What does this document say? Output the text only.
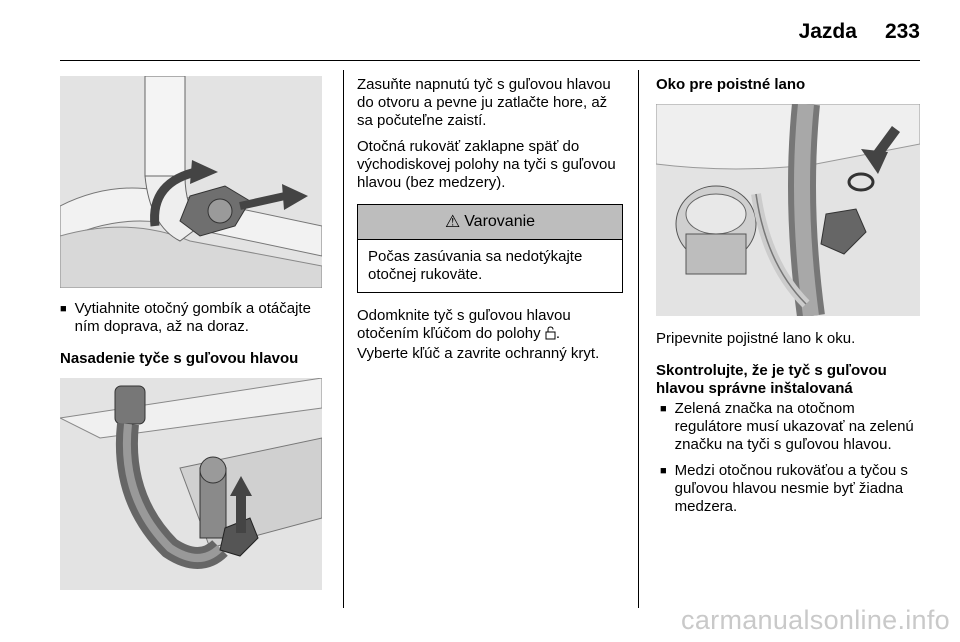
Jazda 233
■ Vytiahnite otočný gombík a otáčajte ním doprava, až na doraz.

Nasadenie tyče s guľovou hlavou

Zasuňte napnutú tyč s guľovou hlavou do otvoru a pevne ju zatlačte hore, až sa počuteľne zaistí.

Otočná rukoväť zaklapne späť do východiskovej polohy na tyči s guľovou hlavou (bez medzery).

⚠ Varovanie
Počas zasúvania sa nedotýkajte otočnej rukoväte.

Odomknite tyč s guľovou hlavou otočením kľúčom do polohy .
Vyberte kľúč a zavrite ochranný kryt.

Oko pre poistné lano

Pripevnite pojistné lano k oku.

Skontrolujte, že je tyč s guľovou hlavou správne inštalovaná

■ Zelená značka na otočnom regulátore musí ukazovať na zelenú značku na tyči s guľovou hlavou.
■ Medzi otočnou rukoväťou a tyčou s guľovou hlavou nesmie byť žiadna medzera.
carmanualsonline.info
